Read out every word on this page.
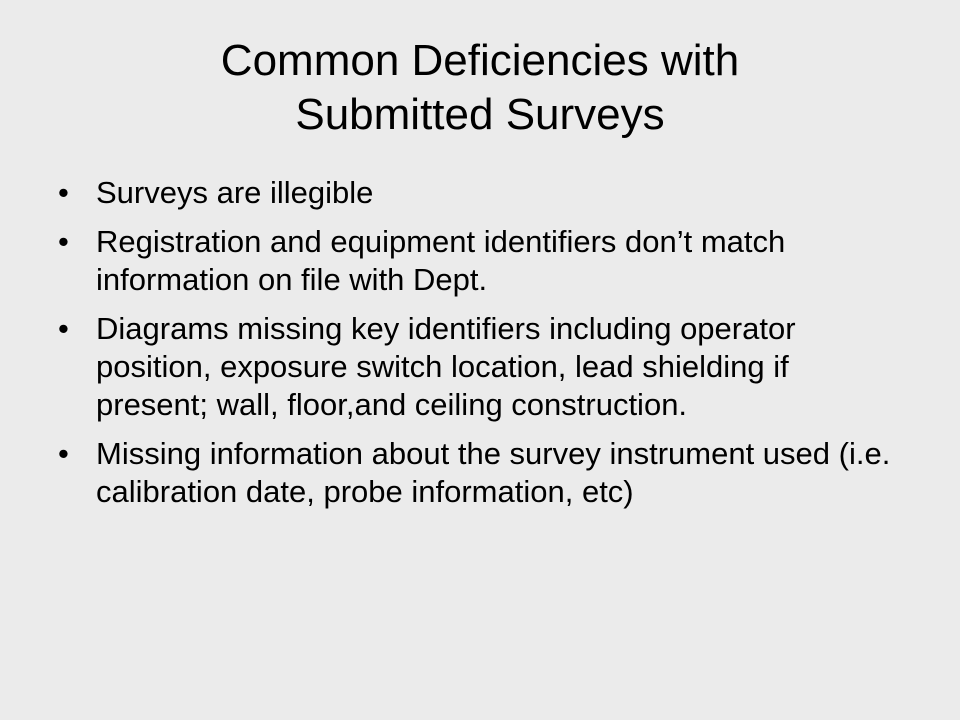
Common Deficiencies with
Submitted Surveys
• Surveys are illegible
• Registration and equipment identifiers don’t match information on file with Dept.
• Diagrams missing key identifiers including operator position, exposure switch location, lead shielding if present; wall, floor,and ceiling construction.
• Missing information about the survey instrument used (i.e. calibration date, probe information, etc)
